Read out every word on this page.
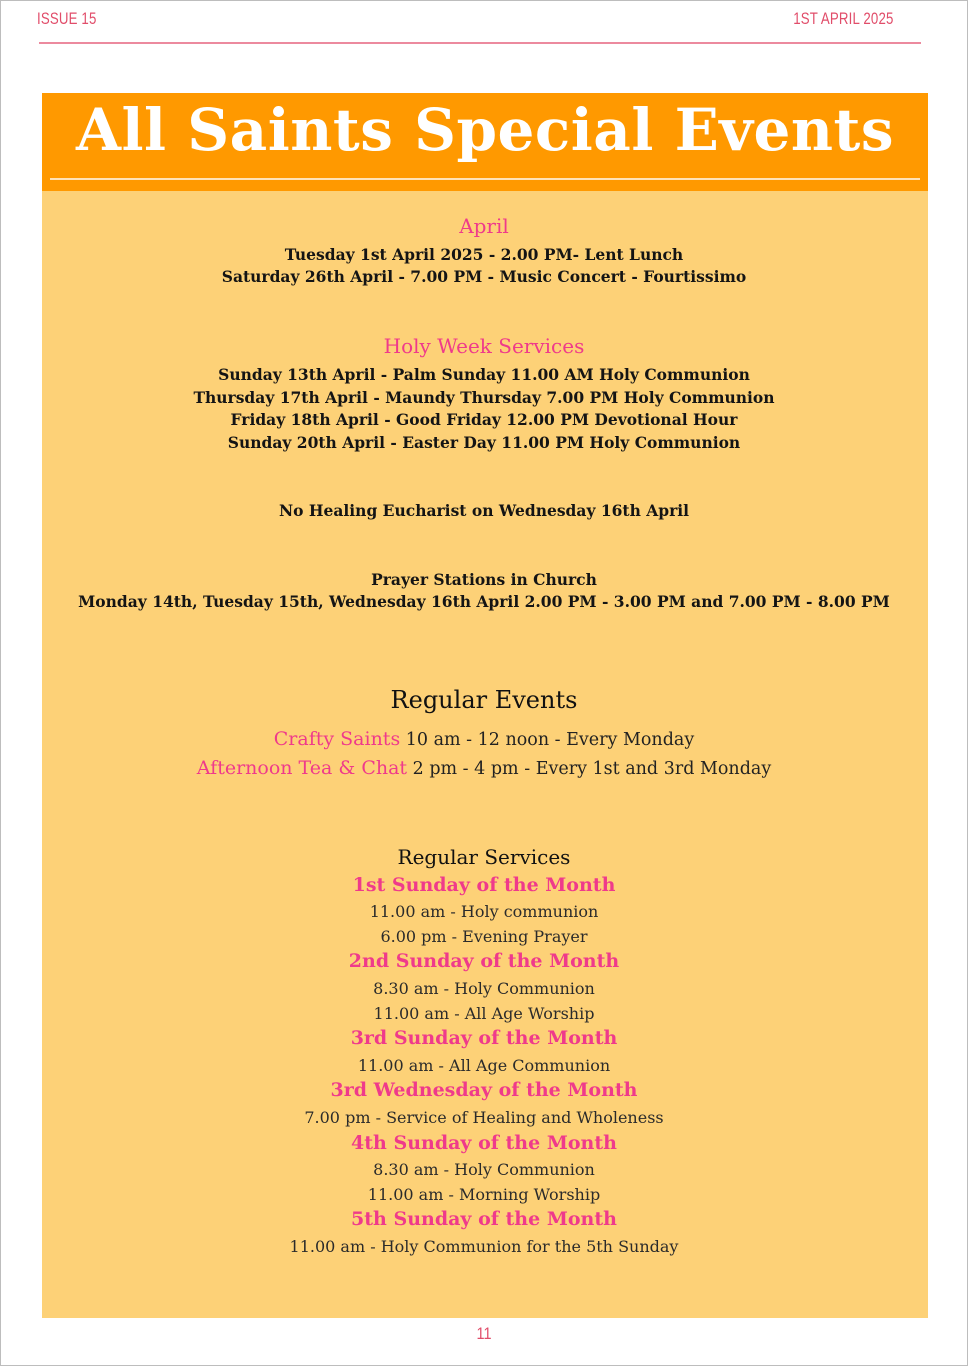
ISSUE 15	1ST APRIL 2025
All Saints Special Events
April
Tuesday 1st April 2025 - 2.00 PM- Lent Lunch
Saturday 26th April - 7.00 PM - Music Concert - Fourtissimo
Holy Week Services
Sunday 13th April - Palm Sunday 11.00 AM Holy Communion
Thursday 17th April - Maundy Thursday 7.00 PM Holy Communion
Friday 18th April - Good Friday 12.00 PM Devotional Hour
Sunday 20th April - Easter Day 11.00 PM Holy Communion
No Healing Eucharist on Wednesday 16th April
Prayer Stations in Church
Monday 14th, Tuesday 15th, Wednesday 16th April 2.00 PM - 3.00 PM and 7.00 PM - 8.00 PM
Regular Events
Crafty Saints 10 am - 12 noon - Every Monday
Afternoon Tea & Chat 2 pm - 4 pm - Every 1st and 3rd Monday
Regular Services
1st Sunday of the Month
11.00 am - Holy communion
6.00 pm - Evening Prayer
2nd Sunday of the Month
8.30 am - Holy Communion
11.00 am - All Age Worship
3rd Sunday of the Month
11.00 am - All Age Communion
3rd Wednesday of the Month
7.00 pm - Service of Healing and Wholeness
4th Sunday of the Month
8.30 am - Holy Communion
11.00 am - Morning Worship
5th Sunday of the Month
11.00 am - Holy Communion for the 5th Sunday
11
